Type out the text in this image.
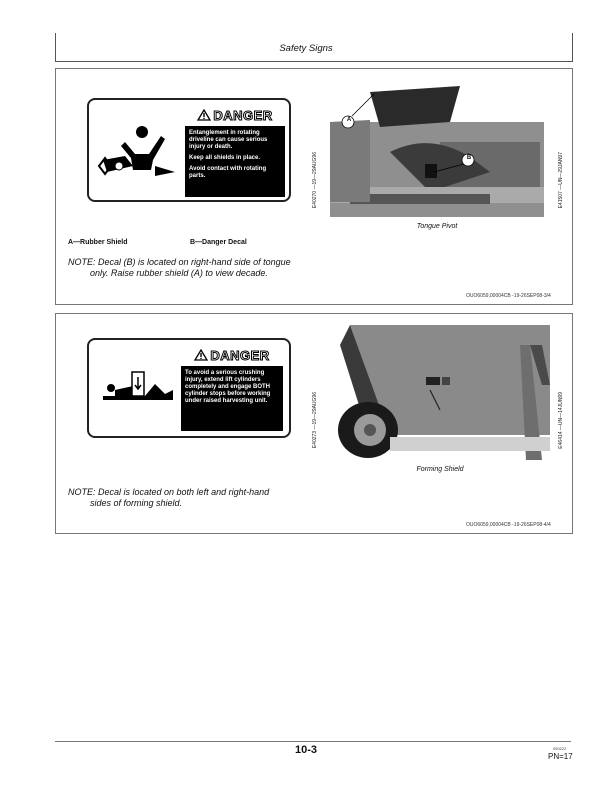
Safety Signs
DANGER

Entanglement in rotating driveline can cause serious injury or death.

Keep all shields in place.

Avoid contact with rotating parts.	E40270 —19—29AUG96
A
B	E41507 —UN—29JAN97
Tongue Pivot
A—Rubber Shield	B—Danger Decal
NOTE: Decal (B) is located on right-hand side of tongue
only. Raise rubber shield (A) to view decade.
OUO6059,00004CB -19-26SEP08-3/4
DANGER

To avoid a serious crushing injury, extend lift cylinders completely and engage BOTH cylinder stops before working under raised harvesting unit.	E40273 —19—29AUG96	E46414 —UN—14JUN99
Forming Shield
NOTE: Decal is located on both left and right-hand
sides of forming shield.
OUO6059,00004CB -19-26SEP08-4/4
10-3	050222
PN=17
